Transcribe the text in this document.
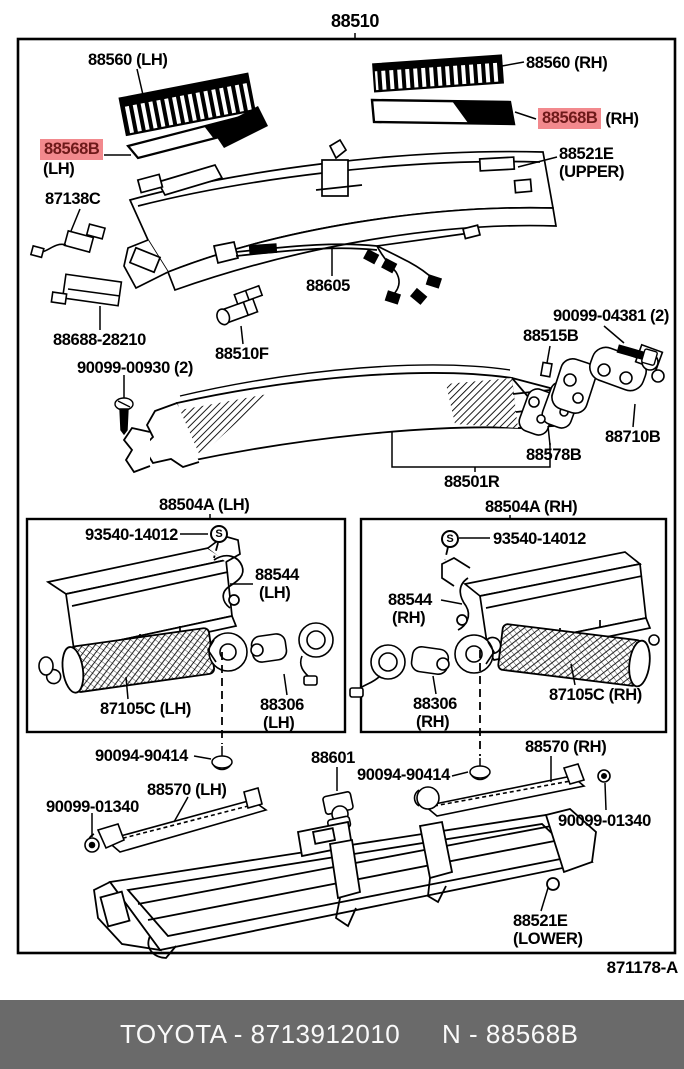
88510
88560 (LH)	88560 (RH)
88568B (RH)
88568B
(LH)
88521E
(UPPER)
87138C
88605
88688-28210
88510F
90099-00930 (2)
90099-04381 (2)
88515B
88710B
88578B
88501R
88504A (LH)	88504A (RH)
93540-14012	S
88544
(LH)
87105C (LH)	88306
(LH)
S	93540-14012
88544
(RH)
87105C (RH)
88306
(RH)
90094-90414	88601
90094-90414
88570 (RH)
88570 (LH)
90099-01340
90099-01340
88521E
(LOWER)
871178-A
TOYOTA - 8713912010 N - 88568B
